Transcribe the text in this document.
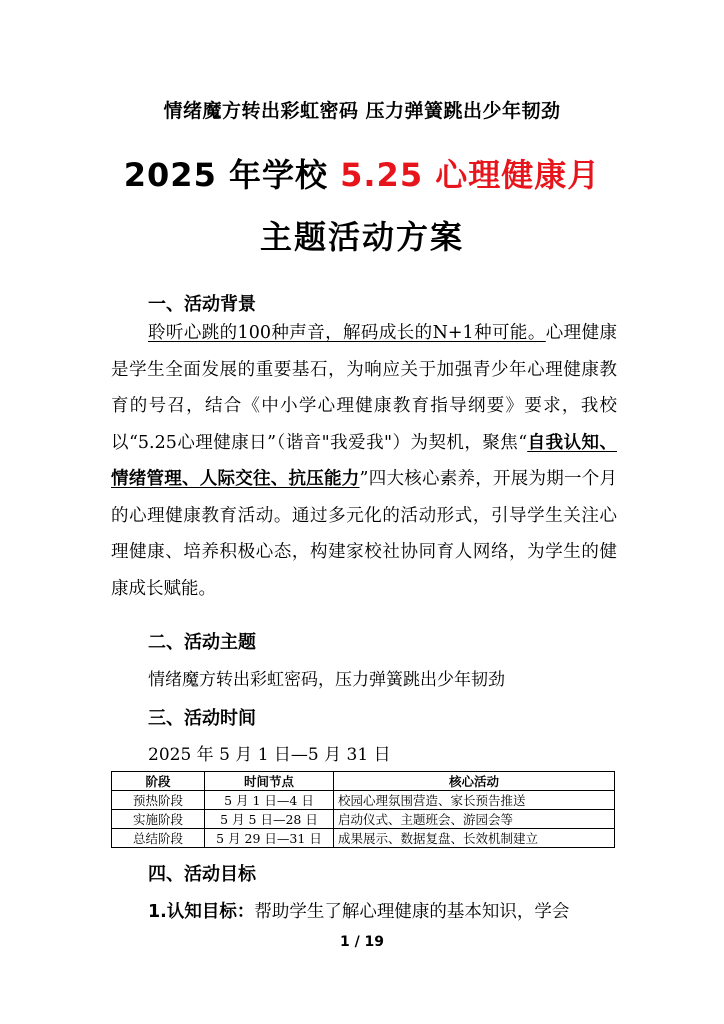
情绪魔方转出彩虹密码 压力弹簧跳出少年韧劲
2025 年学校 5.25 心理健康月
主题活动方案
一、活动背景
聆听心跳的100种声音，解码成长的N+1种可能。心理健康是学生全面发展的重要基石，为响应关于加强青少年心理健康教育的号召，结合《中小学心理健康教育指导纲要》要求，我校以“5.25心理健康日”（谐音"我爱我"）为契机，聚焦“自我认知、情绪管理、人际交往、抗压能力”四大核心素养，开展为期一个月的心理健康教育活动。通过多元化的活动形式，引导学生关注心理健康、培养积极心态，构建家校社协同育人网络，为学生的健康成长赋能。
二、活动主题
情绪魔方转出彩虹密码，压力弹簧跳出少年韧劲
三、活动时间
2025 年 5 月 1 日—5 月 31 日
阶段	时间节点	核心活动
预热阶段	5 月 1 日—4 日	校园心理氛围营造、家长预告推送
实施阶段	5 月 5 日—28 日	启动仪式、主题班会、游园会等
总结阶段	5 月 29 日—31 日	成果展示、数据复盘、长效机制建立
四、活动目标
1.认知目标：帮助学生了解心理健康的基本知识，学会
1 / 19
